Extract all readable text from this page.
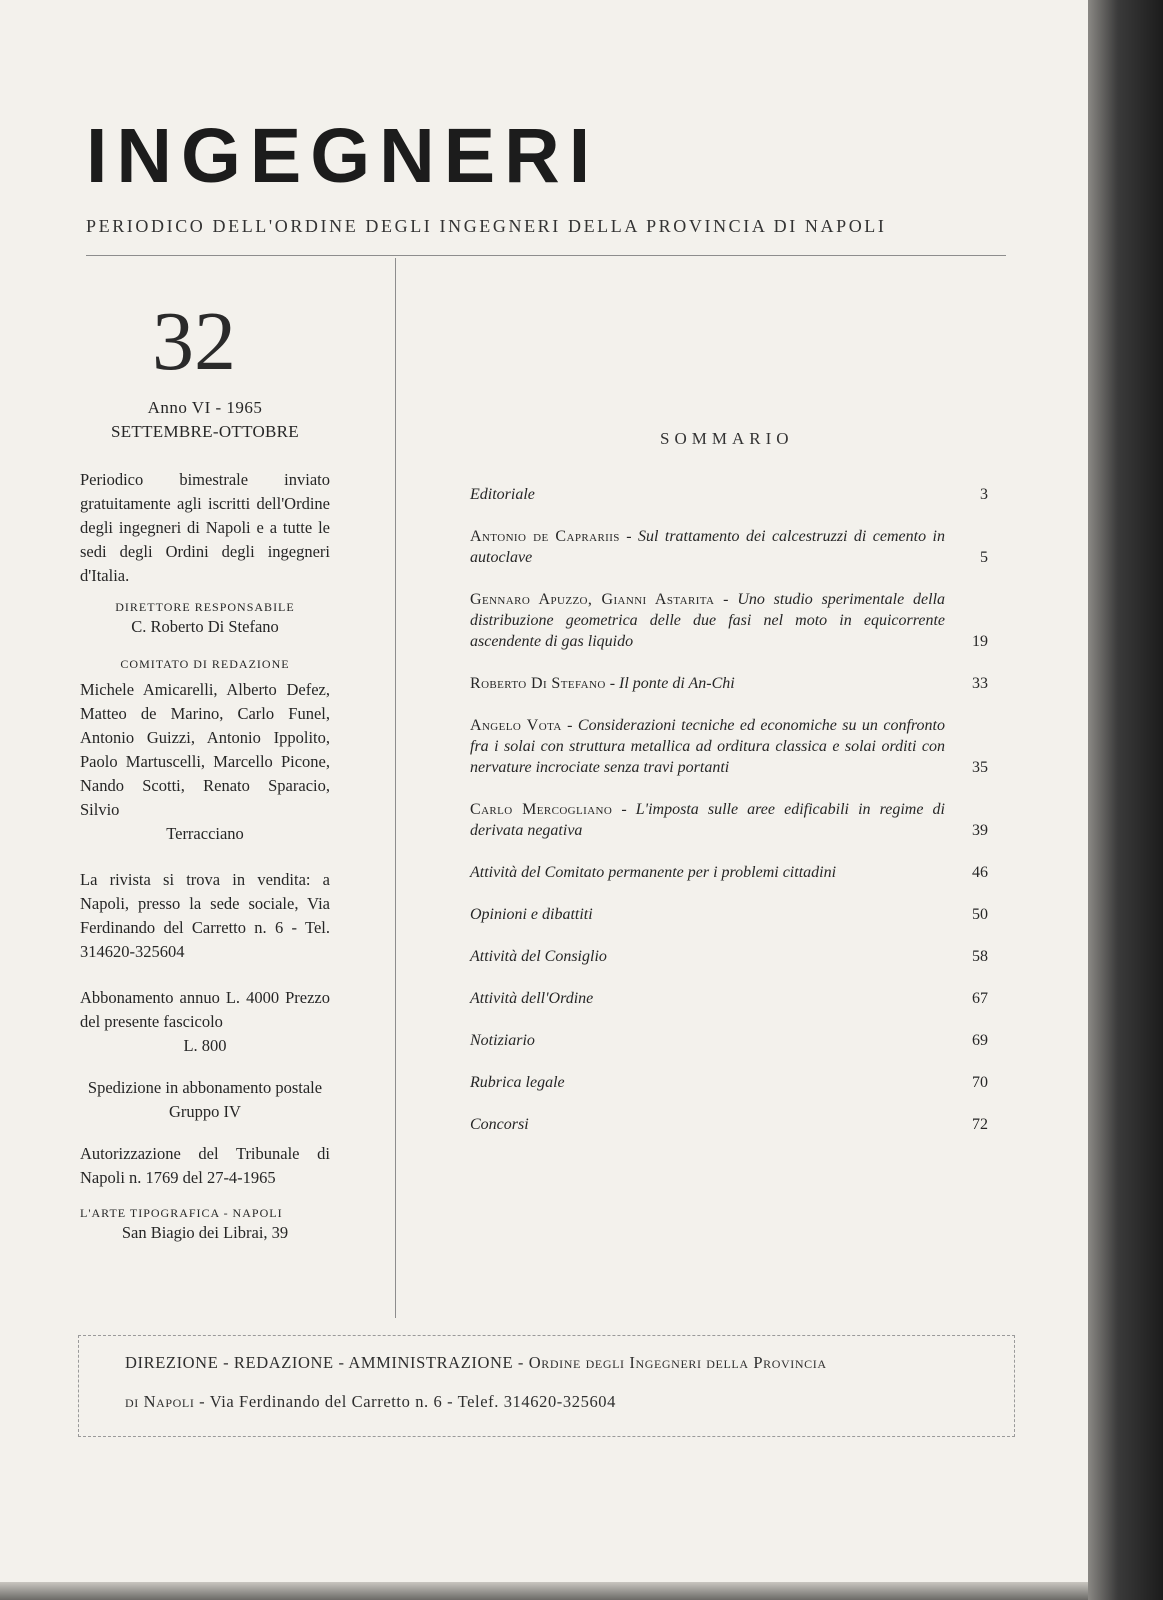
INGEGNERI
PERIODICO DELL'ORDINE DEGLI INGEGNERI DELLA PROVINCIA DI NAPOLI
32
Anno VI - 1965
SETTEMBRE-OTTOBRE
Periodico bimestrale inviato gratuitamente agli iscritti dell'Ordine degli ingegneri di Napoli e a tutte le sedi degli Ordini degli ingegneri d'Italia.
DIRETTORE RESPONSABILE
C. Roberto Di Stefano
COMITATO DI REDAZIONE
Michele Amicarelli, Alberto Defez, Matteo de Marino, Carlo Funel, Antonio Guizzi, Antonio Ippolito, Paolo Martuscelli, Marcello Picone, Nando Scotti, Renato Sparacio, Silvio
Terracciano
La rivista si trova in vendita: a Napoli, presso la sede sociale, Via Ferdinando del Carretto n. 6 - Tel. 314620-325604
Abbonamento annuo L. 4000 Prezzo del presente fascicolo
L. 800
Spedizione in abbonamento postale Gruppo IV
Autorizzazione del Tribunale di Napoli n. 1769 del 27-4-1965
L'ARTE TIPOGRAFICA - NAPOLI
San Biagio dei Librai, 39
SOMMARIO
Editoriale	3
Antonio de Caprariis - Sul trattamento dei calcestruzzi di cemento in autoclave	5
Gennaro Apuzzo, Gianni Astarita - Uno studio sperimentale della distribuzione geometrica delle due fasi nel moto in equicorrente ascendente di gas liquido	19
Roberto Di Stefano - Il ponte di An-Chi	33
Angelo Vota - Considerazioni tecniche ed economiche su un confronto fra i solai con struttura metallica ad orditura classica e solai orditi con nervature incrociate senza travi portanti	35
Carlo Mercogliano - L'imposta sulle aree edificabili in regime di derivata negativa	39
Attività del Comitato permanente per i problemi cittadini	46
Opinioni e dibattiti	50
Attività del Consiglio	58
Attività dell'Ordine	67
Notiziario	69
Rubrica legale	70
Concorsi	72
DIREZIONE - REDAZIONE - AMMINISTRAZIONE - Ordine degli Ingegneri della Provincia
di Napoli - Via Ferdinando del Carretto n. 6 - Telef. 314620-325604
